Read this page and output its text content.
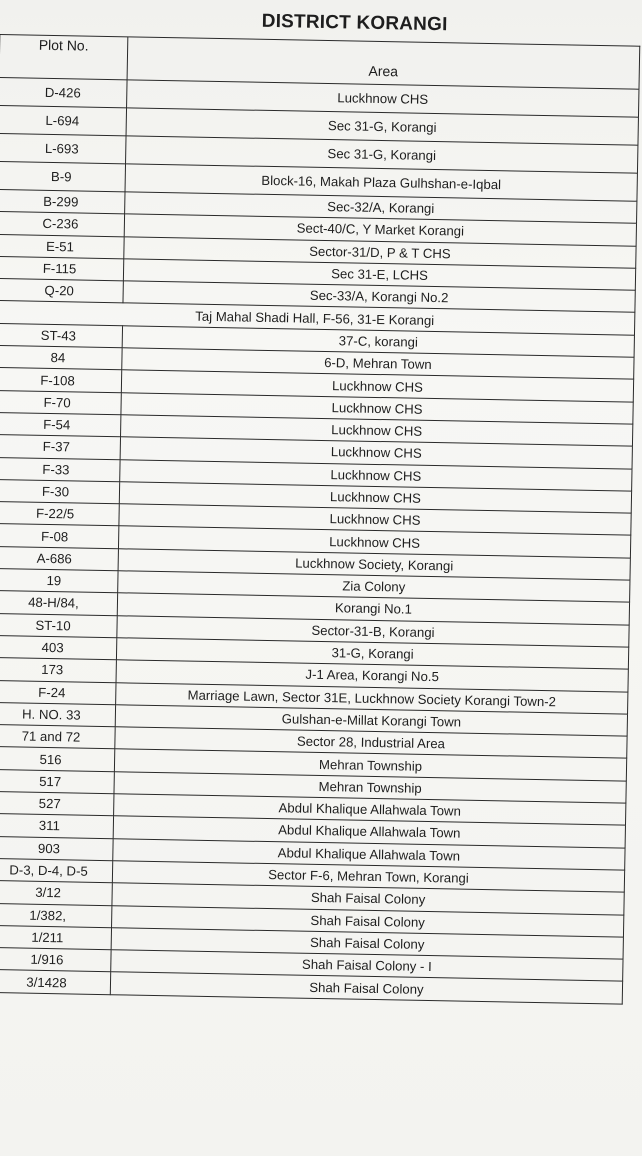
DISTRICT KORANGI
Plot No.	Area
D-426	Luckhnow CHS
L-694	Sec 31-G, Korangi
L-693	Sec 31-G, Korangi
B-9	Block-16, Makah Plaza Gulhshan-e-Iqbal
B-299	Sec-32/A, Korangi
C-236	Sect-40/C, Y Market Korangi
E-51	Sector-31/D, P & T CHS
F-115	Sec 31-E, LCHS
Q-20	Sec-33/A, Korangi No.2
Taj Mahal Shadi Hall, F-56, 31-E Korangi	
ST-43	37-C, korangi
84	6-D, Mehran Town
F-108	Luckhnow CHS
F-70	Luckhnow CHS
F-54	Luckhnow CHS
F-37	Luckhnow CHS
F-33	Luckhnow CHS
F-30	Luckhnow CHS
F-22/5	Luckhnow CHS
F-08	Luckhnow CHS
A-686	Luckhnow Society, Korangi
19	Zia Colony
48-H/84,	Korangi No.1
ST-10	Sector-31-B, Korangi
403	31-G, Korangi
173	J-1 Area, Korangi No.5
F-24	Marriage Lawn, Sector 31E, Luckhnow Society Korangi Town-2
H. NO. 33	Gulshan-e-Millat Korangi Town
71 and 72	Sector 28, Industrial Area
516	Mehran Township
517	Mehran Township
527	Abdul Khalique Allahwala Town
311	Abdul Khalique Allahwala Town
903	Abdul Khalique Allahwala Town
D-3, D-4, D-5	Sector F-6, Mehran Town, Korangi
3/12	Shah Faisal Colony
1/382,	Shah Faisal Colony
1/211	Shah Faisal Colony
1/916	Shah Faisal Colony - I
3/1428	Shah Faisal Colony
